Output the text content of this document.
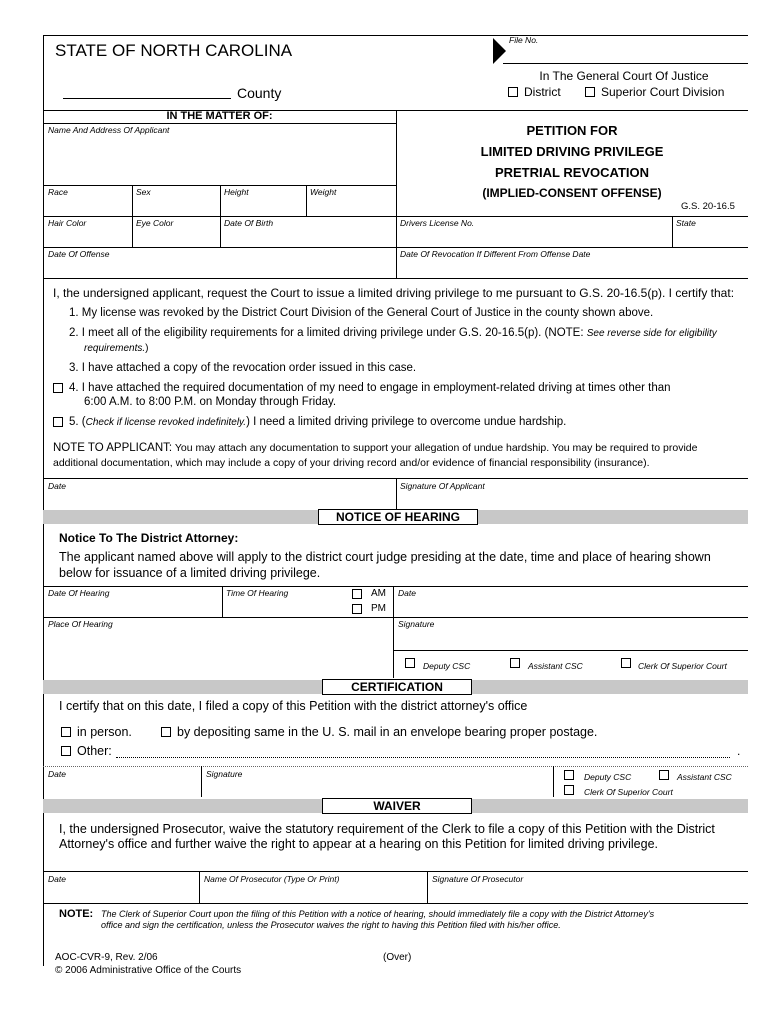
STATE OF NORTH CAROLINA
File No.
County
In The General Court Of Justice
District	Superior Court Division
IN THE MATTER OF:
Name And Address Of Applicant	PETITION FOR
LIMITED DRIVING PRIVILEGE
PRETRIAL REVOCATION
(IMPLIED-CONSENT OFFENSE)
G.S. 20-16.5
Race	Sex	Height	Weight
Hair Color	Eye Color	Date Of Birth	Drivers License No.	State
Date Of Offense	Date Of Revocation If Different From Offense Date
I, the undersigned applicant, request the Court to issue a limited driving privilege to me pursuant to G.S. 20-16.5(p). I certify that:
1. My license was revoked by the District Court Division of the General Court of Justice in the county shown above.
2. I meet all of the eligibility requirements for a limited driving privilege under G.S. 20-16.5(p). (NOTE: See reverse side for eligibility
requirements.)
3. I have attached a copy of the revocation order issued in this case.
4. I have attached the required documentation of my need to engage in employment-related driving at times other than
6:00 A.M. to 8:00 P.M. on Monday through Friday.
5. (Check if license revoked indefinitely.) I need a limited driving privilege to overcome undue hardship.
NOTE TO APPLICANT: You may attach any documentation to support your allegation of undue hardship. You may be required to provide
additional documentation, which may include a copy of your driving record and/or evidence of financial responsibility (insurance).
Date	Signature Of Applicant
NOTICE OF HEARING
Notice To The District Attorney:
The applicant named above will apply to the district court judge presiding at the date, time and place of hearing shown
below for issuance of a limited driving privilege.
Date Of Hearing	Time Of Hearing	AM
PM
Date
Place Of Hearing	Signature
Deputy CSC	Assistant CSC	Clerk Of Superior Court
CERTIFICATION
I certify that on this date, I filed a copy of this Petition with the district attorney's office
in person.	by depositing same in the U. S. mail in an envelope bearing proper postage.
Other:	.
Date	Signature	Deputy CSC	Assistant CSC
Clerk Of Superior Court
WAIVER
I, the undersigned Prosecutor, waive the statutory requirement of the Clerk to file a copy of this Petition with the District
Attorney's office and further waive the right to appear at a hearing on this Petition for limited driving privilege.
Date	Name Of Prosecutor (Type Or Print)	Signature Of Prosecutor
NOTE: The Clerk of Superior Court upon the filing of this Petition with a notice of hearing, should immediately file a copy with the District Attorney's
office and sign the certification, unless the Prosecutor waives the right to having this Petition filed with his/her office.
AOC-CVR-9, Rev. 2/06	(Over)
© 2006 Administrative Office of the Courts
